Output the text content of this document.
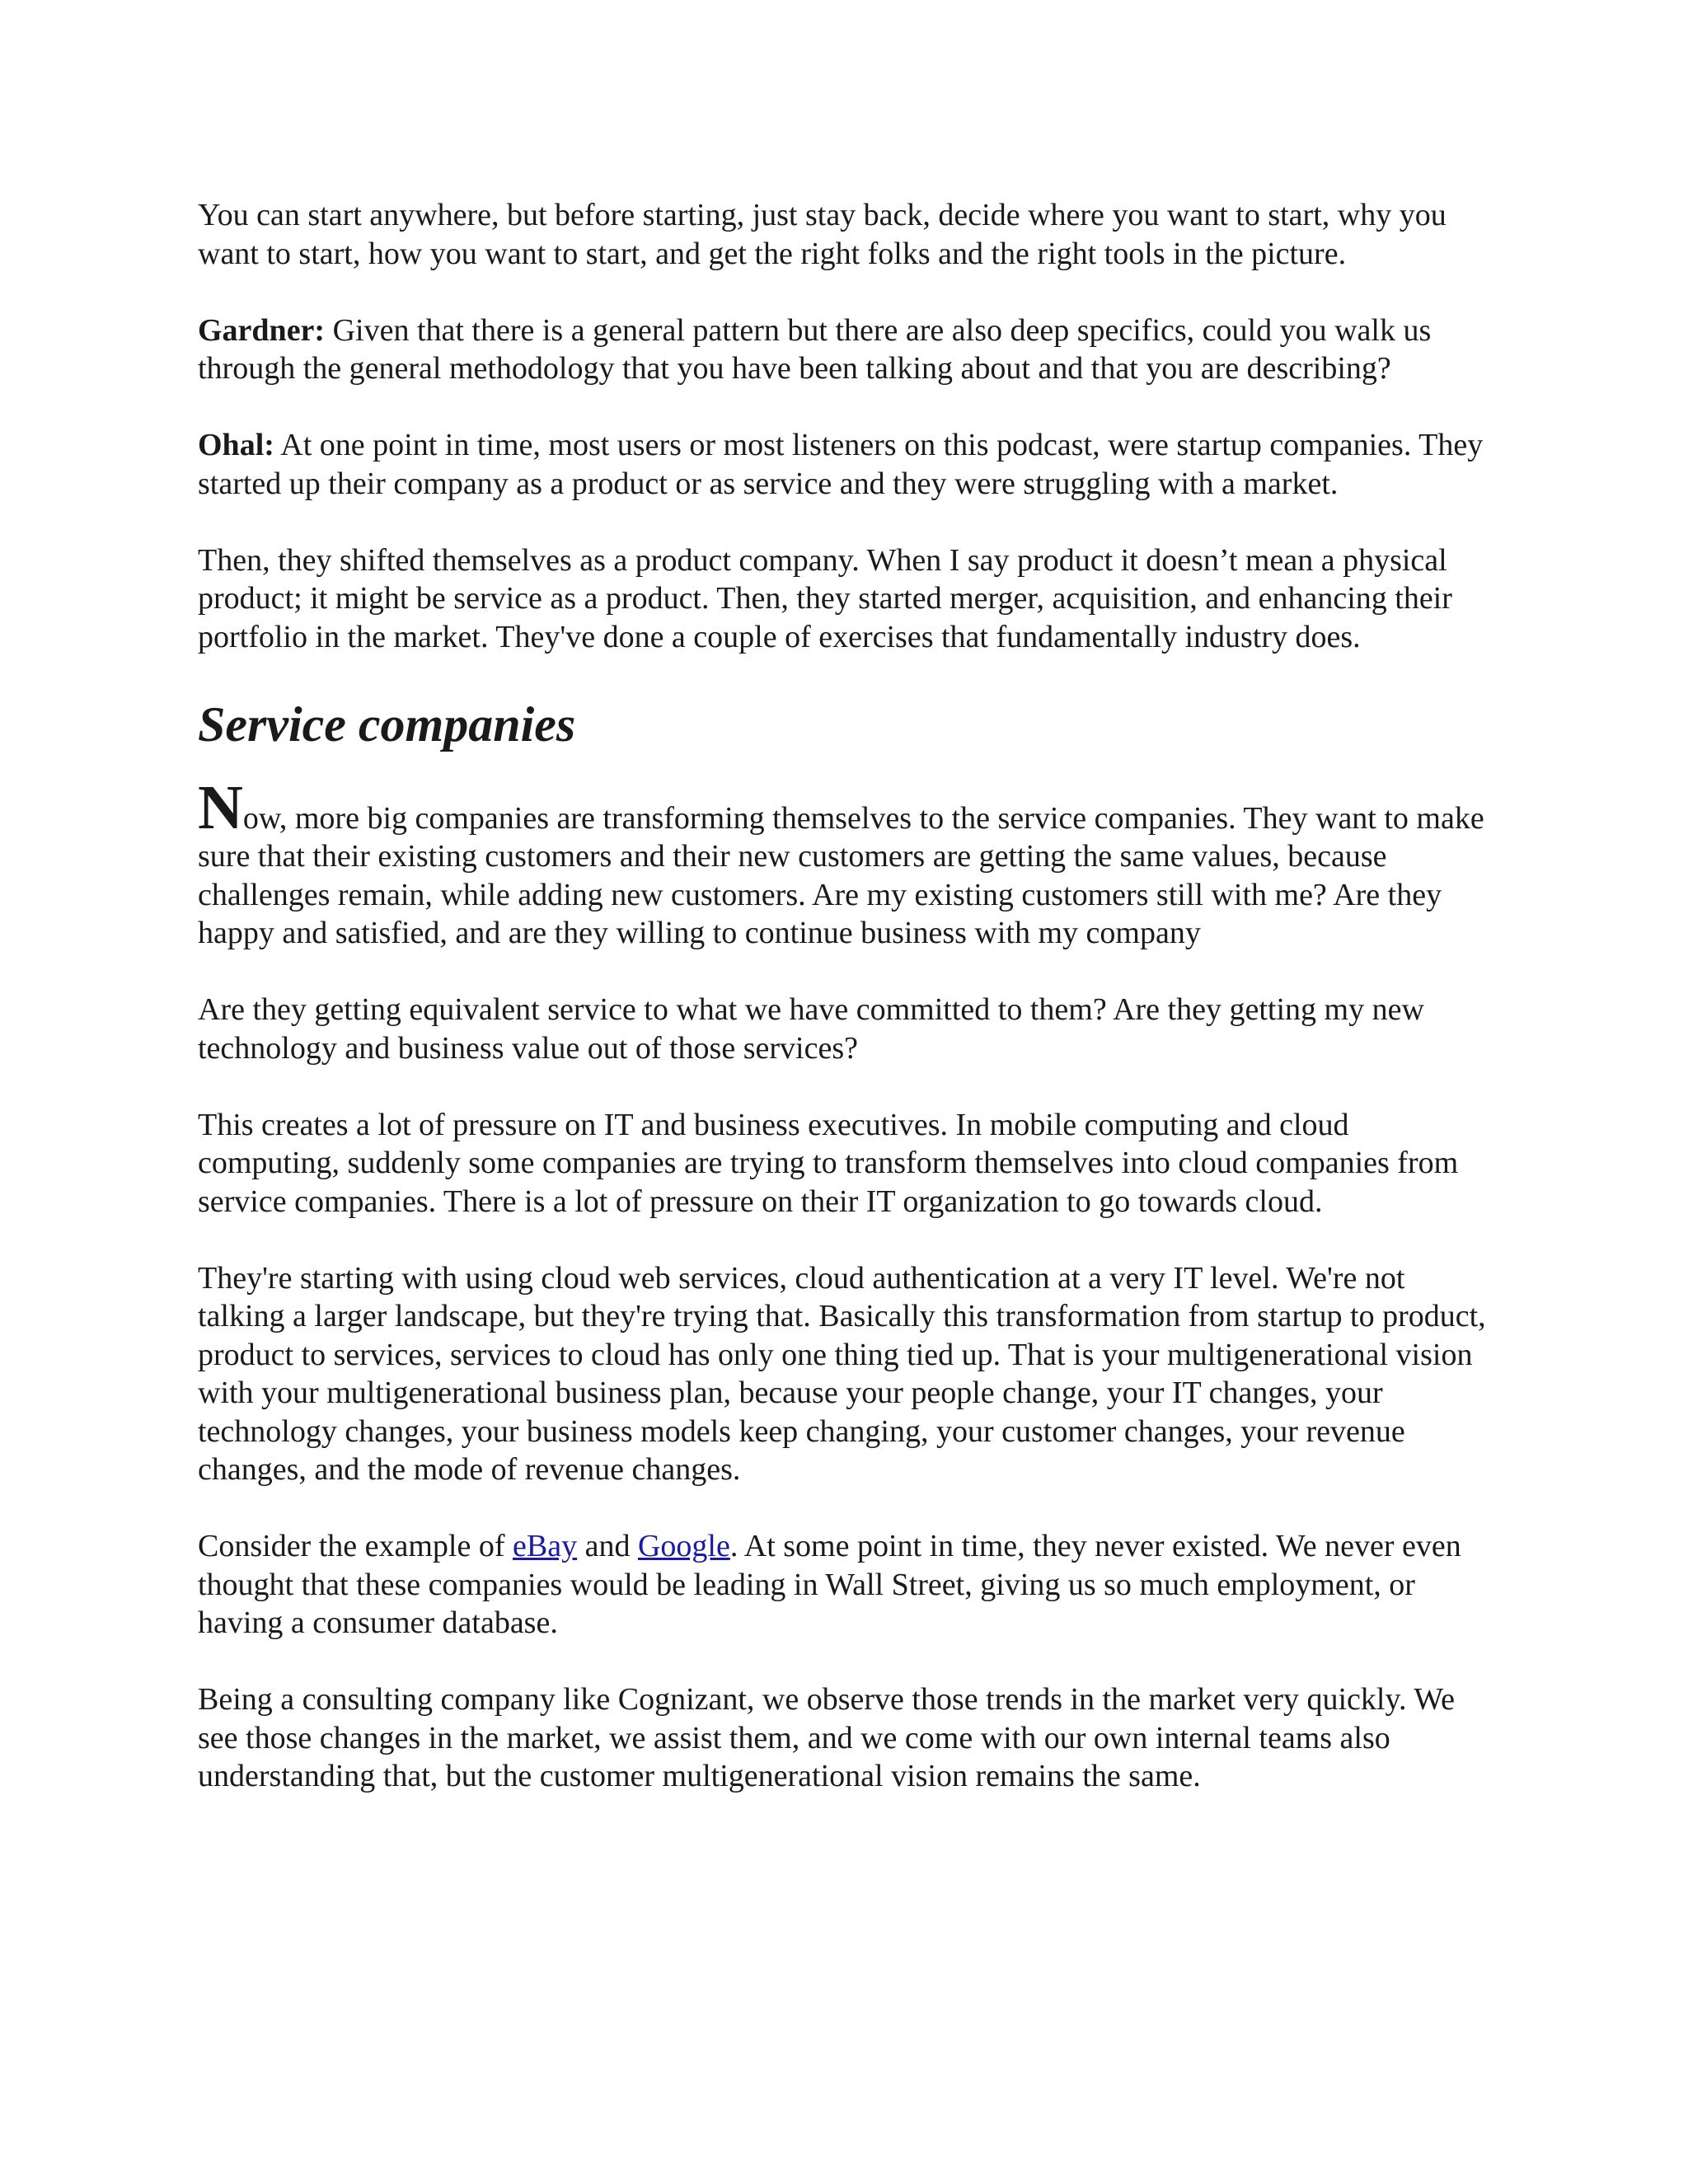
You can start anywhere, but before starting, just stay back, decide where you want to start, why you want to start, how you want to start, and get the right folks and the right tools in the picture.

Gardner: Given that there is a general pattern but there are also deep specifics, could you walk us through the general methodology that you have been talking about and that you are describing?

Ohal: At one point in time, most users or most listeners on this podcast, were startup companies. They started up their company as a product or as service and they were struggling with a market.

Then, they shifted themselves as a product company. When I say product it doesn’t mean a physical product; it might be service as a product. Then, they started merger, acquisition, and enhancing their portfolio in the market. They've done a couple of exercises that fundamentally industry does.

Service companies

Now, more big companies are transforming themselves to the service companies. They want to make sure that their existing customers and their new customers are getting the same values, because challenges remain, while adding new customers. Are my existing customers still with me? Are they happy and satisfied, and are they willing to continue business with my company

Are they getting equivalent service to what we have committed to them? Are they getting my new technology and business value out of those services?

This creates a lot of pressure on IT and business executives. In mobile computing and cloud computing, suddenly some companies are trying to transform themselves into cloud companies from service companies. There is a lot of pressure on their IT organization to go towards cloud.

They're starting with using cloud web services, cloud authentication at a very IT level. We're not talking a larger landscape, but they're trying that. Basically this transformation from startup to product, product to services, services to cloud has only one thing tied up. That is your multigenerational vision with your multigenerational business plan, because your people change, your IT changes, your technology changes, your business models keep changing, your customer changes, your revenue changes, and the mode of revenue changes.

Consider the example of eBay and Google. At some point in time, they never existed. We never even thought that these companies would be leading in Wall Street, giving us so much employment, or having a consumer database.

Being a consulting company like Cognizant, we observe those trends in the market very quickly. We see those changes in the market, we assist them, and we come with our own internal teams also understanding that, but the customer multigenerational vision remains the same.
